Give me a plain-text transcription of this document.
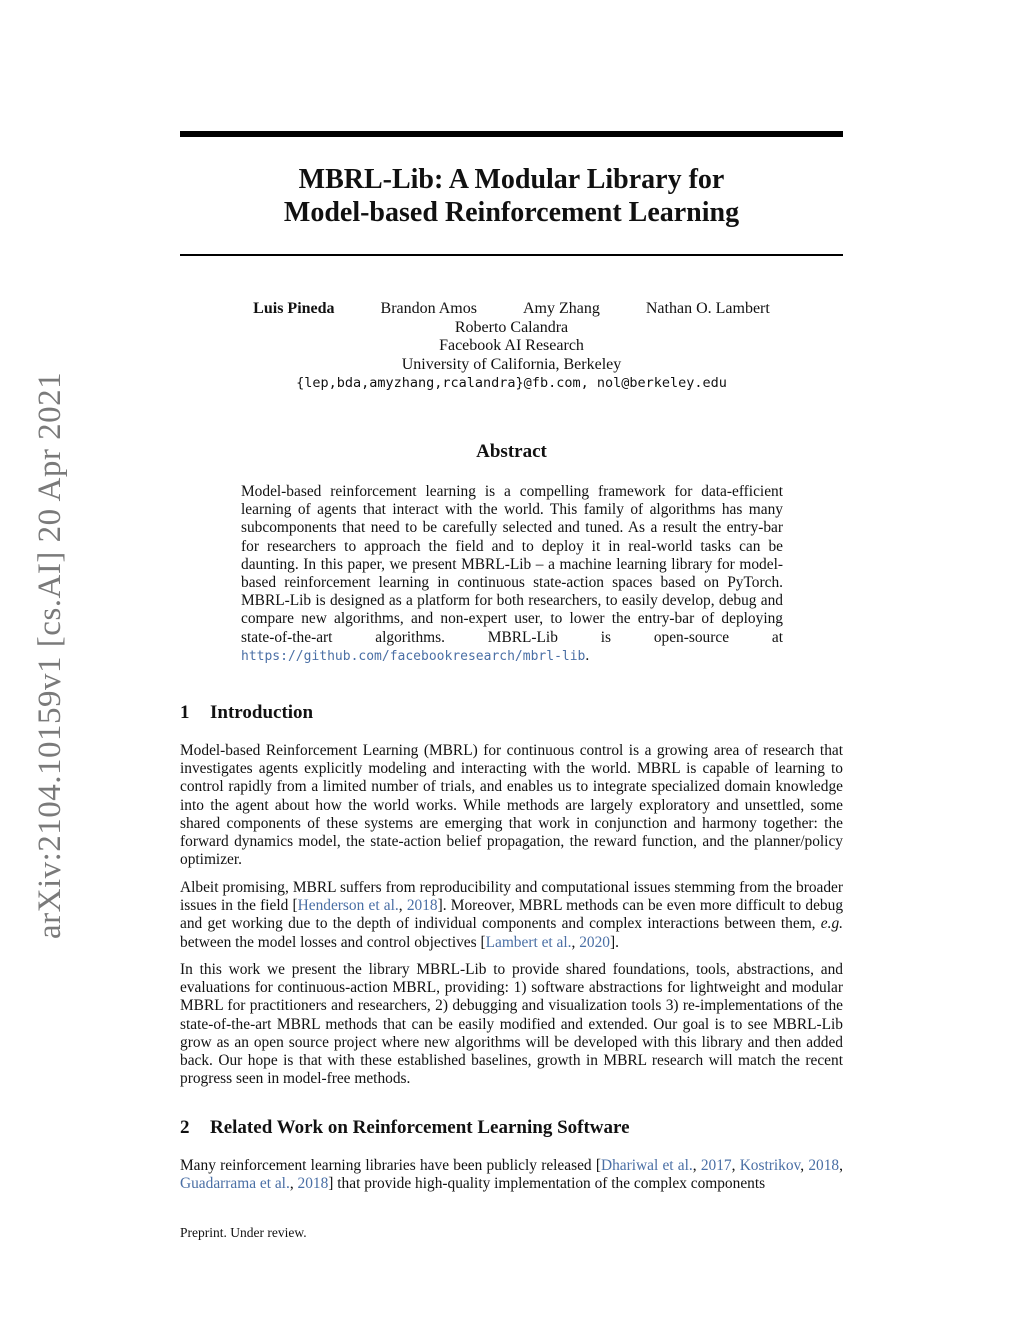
arXiv:2104.10159v1 [cs.AI] 20 Apr 2021
MBRL-Lib: A Modular Library for
Model-based Reinforcement Learning
Luis Pineda	Brandon Amos	Amy Zhang	Nathan O. Lambert
Roberto Calandra
Facebook AI Research
University of California, Berkeley
{lep,bda,amyzhang,rcalandra}@fb.com, nol@berkeley.edu
Abstract

Model-based reinforcement learning is a compelling framework for data-efficient learning of agents that interact with the world. This family of algorithms has many subcomponents that need to be carefully selected and tuned. As a result the entry-bar for researchers to approach the field and to deploy it in real-world tasks can be daunting. In this paper, we present MBRL-Lib – a machine learning library for model-based reinforcement learning in continuous state-action spaces based on PyTorch. MBRL-Lib is designed as a platform for both researchers, to easily develop, debug and compare new algorithms, and non-expert user, to lower the entry-bar of deploying state-of-the-art algorithms. MBRL-Lib is open-source at https://github.com/facebookresearch/mbrl-lib.

1 Introduction

Model-based Reinforcement Learning (MBRL) for continuous control is a growing area of research that investigates agents explicitly modeling and interacting with the world. MBRL is capable of learning to control rapidly from a limited number of trials, and enables us to integrate specialized domain knowledge into the agent about how the world works. While methods are largely exploratory and unsettled, some shared components of these systems are emerging that work in conjunction and harmony together: the forward dynamics model, the state-action belief propagation, the reward function, and the planner/policy optimizer.

Albeit promising, MBRL suffers from reproducibility and computational issues stemming from the broader issues in the field [Henderson et al., 2018]. Moreover, MBRL methods can be even more difficult to debug and get working due to the depth of individual components and complex interactions between them, e.g. between the model losses and control objectives [Lambert et al., 2020].

In this work we present the library MBRL-Lib to provide shared foundations, tools, abstractions, and evaluations for continuous-action MBRL, providing: 1) software abstractions for lightweight and modular MBRL for practitioners and researchers, 2) debugging and visualization tools 3) re-implementations of the state-of-the-art MBRL methods that can be easily modified and extended. Our goal is to see MBRL-Lib grow as an open source project where new algorithms will be developed with this library and then added back. Our hope is that with these established baselines, growth in MBRL research will match the recent progress seen in model-free methods.

2 Related Work on Reinforcement Learning Software

Many reinforcement learning libraries have been publicly released [Dhariwal et al., 2017, Kostrikov, 2018, Guadarrama et al., 2018] that provide high-quality implementation of the complex components

Preprint. Under review.
